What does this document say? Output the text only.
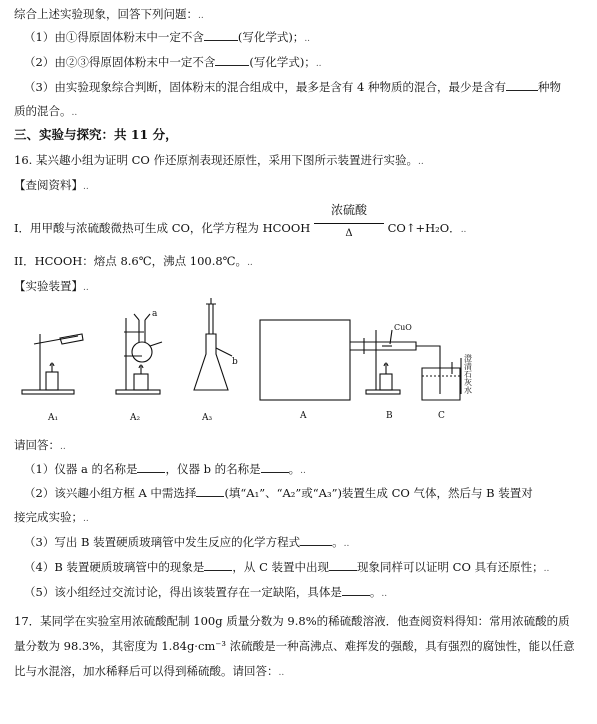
综合上述实验现象，回答下列问题：..
（1）由①得原固体粉末中一定不含	(写化学式)；..
（2）由②③得原固体粉末中一定不含	(写化学式)；..
（3）由实验现象综合判断，固体粉末的混合组成中，最多是含有 4 种物质的混合，最少是含有	种物
质的混合。..
三、实验与探究：共 11 分，
16. 某兴趣小组为证明 CO 作还原剂表现还原性，采用下图所示装置进行实验。..
【查阅资料】..
I．用甲酸与浓硫酸微热可生成 CO，化学方程为 HCOOH
浓硫酸
Δ	CO↑+H₂O．..
II．HCOOH：熔点 8.6℃，沸点 100.8℃。..
【实验装置】..
A₁	A₂	A₃	A	B	C
a
b
CuO
澄清石灰水
请回答：..
（1）仪器 a 的名称是 ，仪器 b 的名称是 。..
（2）该兴趣小组方框 A 中需选择 (填“A₁”、“A₂”或“A₃”)装置生成 CO 气体，然后与 B 装置对
接完成实验；..
（3）写出 B 装置硬质玻璃管中发生反应的化学方程式	。..
（4）B 装置硬质玻璃管中的现象是 ，从 C 装置中出现 现象同样可以证明 CO 具有还原性；..
（5）该小组经过交流讨论，得出该装置存在一定缺陷，具体是 。..
17．某同学在实验室用浓硫酸配制 100g 质量分数为 9.8%的稀硫酸溶液．他查阅资料得知：常用浓硫酸的质
量分数为 98.3%，其密度为 1.84g·cm⁻³ 浓硫酸是一种高沸点、难挥发的强酸，具有强烈的腐蚀性，能以任意
比与水混溶，加水稀释后可以得到稀硫酸。请回答：..
